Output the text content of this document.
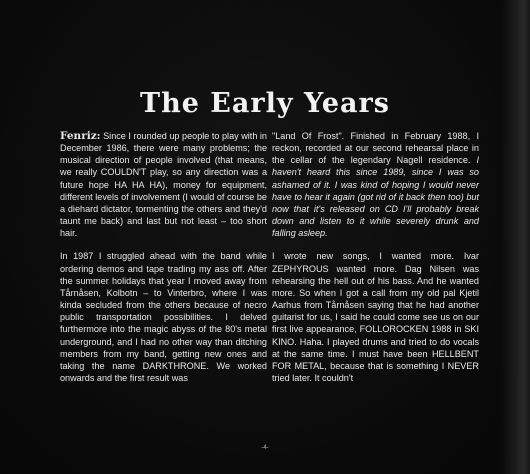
The Early Years

Fenriz: Since I rounded up people to play with in December 1986, there were many problems; the musical direction of people involved (that means, we really COULDN'T play, so any direction was a future hope HA HA HA), money for equipment, different levels of involvement (I would of course be a diehard dictator, tormenting the others and they'd taunt me back) and last but not least – too short hair.

In 1987 I struggled ahead with the band while ordering demos and tape trading my ass off. After the summer holidays that year I moved away from Tårnåsen, Kolbotn – to Vinterbro, where I was kinda secluded from the others because of necro public transportation possibilities. I delved furthermore into the magic abyss of the 80's metal underground, and I had no other way than ditching members from my band, getting new ones and taking the name DARKTHRONE. We worked onwards and the first result was

"Land Of Frost". Finished in February 1988, I reckon, recorded at our second rehearsal place in the cellar of the legendary Nagell residence. I haven't heard this since 1989, since I was so ashamed of it. I was kind of hoping I would never have to hear it again (got rid of it back then too) but now that it's released on CD I'll probably break down and listen to it while severely drunk and falling asleep.

I wrote new songs, I wanted more. Ivar ZEPHYROUS wanted more. Dag Nilsen was rehearsing the hell out of his bass. And he wanted more. So when I got a call from my old pal Kjetil Aarhus from Tårnåsen saying that he had another guitarist for us, I said he could come see us on our first live appearance, FOLLOROCKEN 1988 in SKI KINO. Haha. I played drums and tried to do vocals at the same time. I must have been HELLBENT FOR METAL, because that is something I NEVER tried later. It couldn't

-4-
